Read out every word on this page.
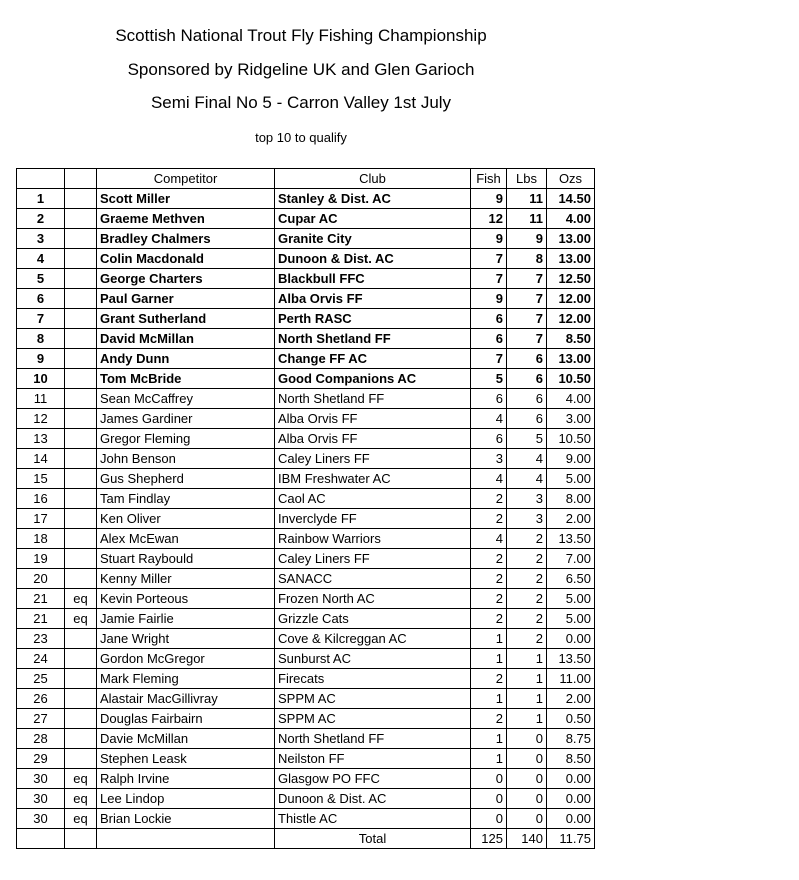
Scottish National Trout Fly Fishing Championship
Sponsored by Ridgeline UK and Glen Garioch
Semi Final No 5 - Carron Valley 1st July
top 10 to qualify
		Competitor	Club	Fish	Lbs	Ozs
1		Scott Miller	Stanley & Dist. AC	9	11	14.50
2		Graeme Methven	Cupar AC	12	11	4.00
3		Bradley Chalmers	Granite City	9	9	13.00
4		Colin Macdonald	Dunoon & Dist. AC	7	8	13.00
5		George Charters	Blackbull FFC	7	7	12.50
6		Paul Garner	Alba Orvis FF	9	7	12.00
7		Grant Sutherland	Perth RASC	6	7	12.00
8		David McMillan	North Shetland FF	6	7	8.50
9		Andy Dunn	Change FF AC	7	6	13.00
10		Tom McBride	Good Companions AC	5	6	10.50
11		Sean McCaffrey	North Shetland FF	6	6	4.00
12		James Gardiner	Alba Orvis FF	4	6	3.00
13		Gregor Fleming	Alba Orvis FF	6	5	10.50
14		John Benson	Caley Liners FF	3	4	9.00
15		Gus Shepherd	IBM Freshwater AC	4	4	5.00
16		Tam Findlay	Caol AC	2	3	8.00
17		Ken Oliver	Inverclyde FF	2	3	2.00
18		Alex McEwan	Rainbow Warriors	4	2	13.50
19		Stuart Raybould	Caley Liners FF	2	2	7.00
20		Kenny Miller	SANACC	2	2	6.50
21	eq	Kevin Porteous	Frozen North AC	2	2	5.00
21	eq	Jamie Fairlie	Grizzle Cats	2	2	5.00
23		Jane Wright	Cove & Kilcreggan AC	1	2	0.00
24		Gordon McGregor	Sunburst AC	1	1	13.50
25		Mark Fleming	Firecats	2	1	11.00
26		Alastair MacGillivray	SPPM AC	1	1	2.00
27		Douglas Fairbairn	SPPM AC	2	1	0.50
28		Davie McMillan	North Shetland FF	1	0	8.75
29		Stephen Leask	Neilston FF	1	0	8.50
30	eq	Ralph Irvine	Glasgow PO FFC	0	0	0.00
30	eq	Lee Lindop	Dunoon & Dist. AC	0	0	0.00
30	eq	Brian Lockie	Thistle AC	0	0	0.00
			Total	125	140	11.75
